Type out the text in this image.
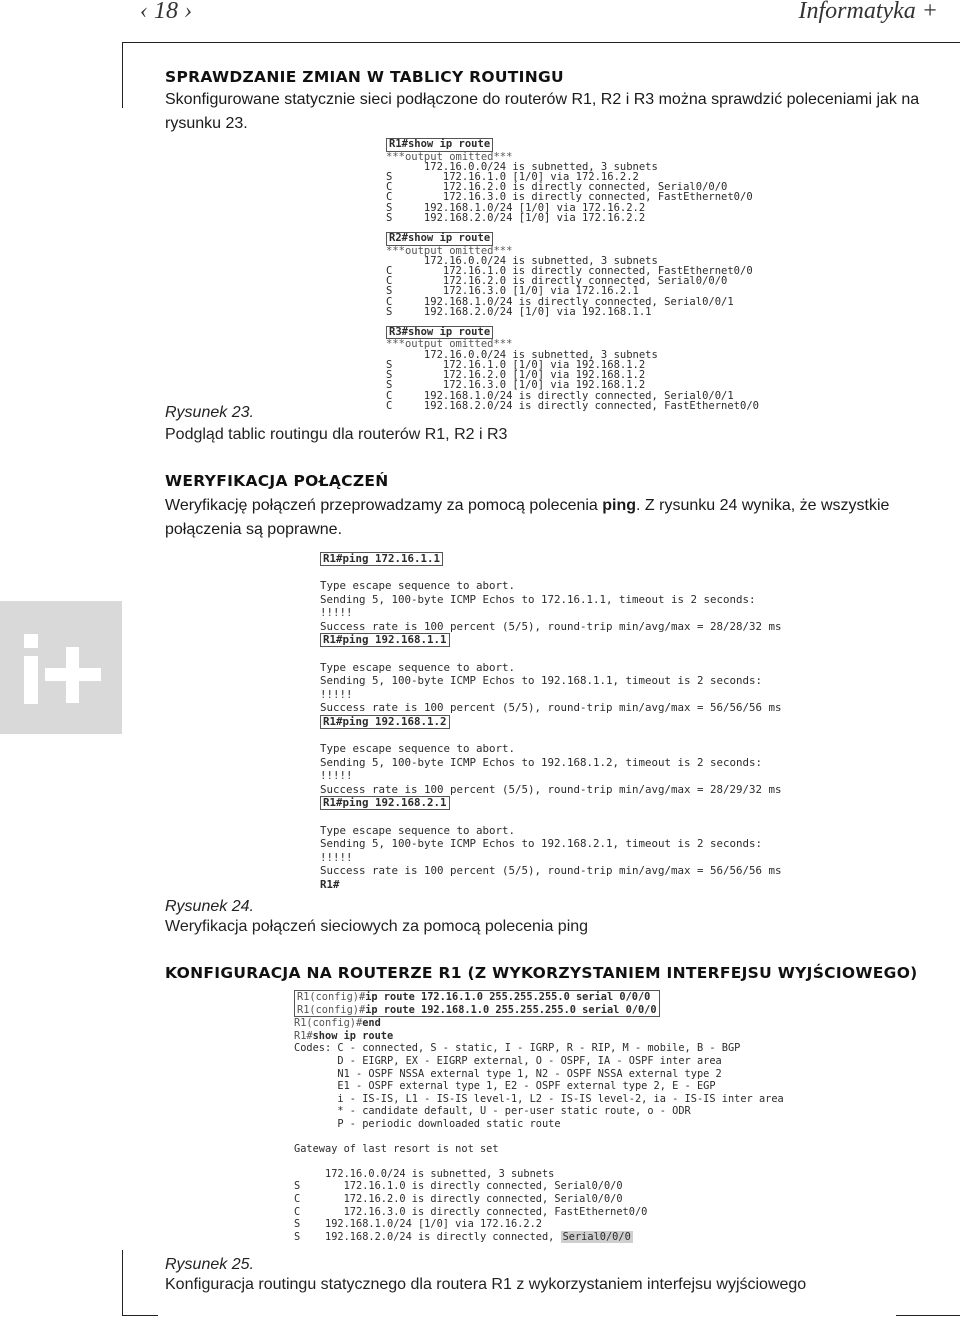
‹ 18 ›	Informatyka +
SPRAWDZANIE ZMIAN W TABLICY ROUTINGU

Skonfigurowane statycznie sieci podłączone do routerów R1, R2 i R3 można sprawdzić poleceniami jak na rysunku 23.

R1#show ip route
***output omitted***
172.16.0.0/24 is subnetted, 3 subnets
S        172.16.1.0 [1/0] via 172.16.2.2
C        172.16.2.0 is directly connected, Serial0/0/0
C        172.16.3.0 is directly connected, FastEthernet0/0
S     192.168.1.0/24 [1/0] via 172.16.2.2
S     192.168.2.0/24 [1/0] via 172.16.2.2
R2#show ip route
***output omitted***
172.16.0.0/24 is subnetted, 3 subnets
C        172.16.1.0 is directly connected, FastEthernet0/0
C        172.16.2.0 is directly connected, Serial0/0/0
S        172.16.3.0 [1/0] via 172.16.2.1
C     192.168.1.0/24 is directly connected, Serial0/0/1
S     192.168.2.0/24 [1/0] via 192.168.1.1
R3#show ip route
***output omitted***
172.16.0.0/24 is subnetted, 3 subnets
S        172.16.1.0 [1/0] via 192.168.1.2
S        172.16.2.0 [1/0] via 192.168.1.2
S        172.16.3.0 [1/0] via 192.168.1.2
C     192.168.1.0/24 is directly connected, Serial0/0/1
C     192.168.2.0/24 is directly connected, FastEthernet0/0
Rysunek 23.
Podgląd tablic routingu dla routerów R1, R2 i R3
WERYFIKACJA POŁĄCZEŃ

Weryfikację połączeń przeprowadzamy za pomocą polecenia ping. Z rysunku 24 wynika, że wszystkie połączenia są poprawne.

R1#ping 172.16.1.1

Type escape sequence to abort.
Sending 5, 100-byte ICMP Echos to 172.16.1.1, timeout is 2 seconds:
!!!!!
Success rate is 100 percent (5/5), round-trip min/avg/max = 28/28/32 ms
R1#ping 192.168.1.1

Type escape sequence to abort.
Sending 5, 100-byte ICMP Echos to 192.168.1.1, timeout is 2 seconds:
!!!!!
Success rate is 100 percent (5/5), round-trip min/avg/max = 56/56/56 ms
R1#ping 192.168.1.2

Type escape sequence to abort.
Sending 5, 100-byte ICMP Echos to 192.168.1.2, timeout is 2 seconds:
!!!!!
Success rate is 100 percent (5/5), round-trip min/avg/max = 28/29/32 ms
R1#ping 192.168.2.1

Type escape sequence to abort.
Sending 5, 100-byte ICMP Echos to 192.168.2.1, timeout is 2 seconds:
!!!!!
Success rate is 100 percent (5/5), round-trip min/avg/max = 56/56/56 ms
R1#
Rysunek 24.
Weryfikacja połączeń sieciowych za pomocą polecenia ping
KONFIGURACJA NA ROUTERZE R1 (Z WYKORZYSTANIEM INTERFEJSU WYJŚCIOWEGO)
R1(config)#ip route 172.16.1.0 255.255.255.0 serial 0/0/0
R1(config)#ip route 192.168.1.0 255.255.255.0 serial 0/0/0
R1(config)#end
R1#show ip route
Codes: C - connected, S - static, I - IGRP, R - RIP, M - mobile, B - BGP
D - EIGRP, EX - EIGRP external, O - OSPF, IA - OSPF inter area
N1 - OSPF NSSA external type 1, N2 - OSPF NSSA external type 2
E1 - OSPF external type 1, E2 - OSPF external type 2, E - EGP
i - IS-IS, L1 - IS-IS level-1, L2 - IS-IS level-2, ia - IS-IS inter area
* - candidate default, U - per-user static route, o - ODR
P - periodic downloaded static route
Gateway of last resort is not set

172.16.0.0/24 is subnetted, 3 subnets
S       172.16.1.0 is directly connected, Serial0/0/0
C       172.16.2.0 is directly connected, Serial0/0/0
C       172.16.3.0 is directly connected, FastEthernet0/0
S    192.168.1.0/24 [1/0] via 172.16.2.2
S    192.168.2.0/24 is directly connected, Serial0/0/0
Rysunek 25.
Konfiguracja routingu statycznego dla routera R1 z wykorzystaniem interfejsu wyjściowego
